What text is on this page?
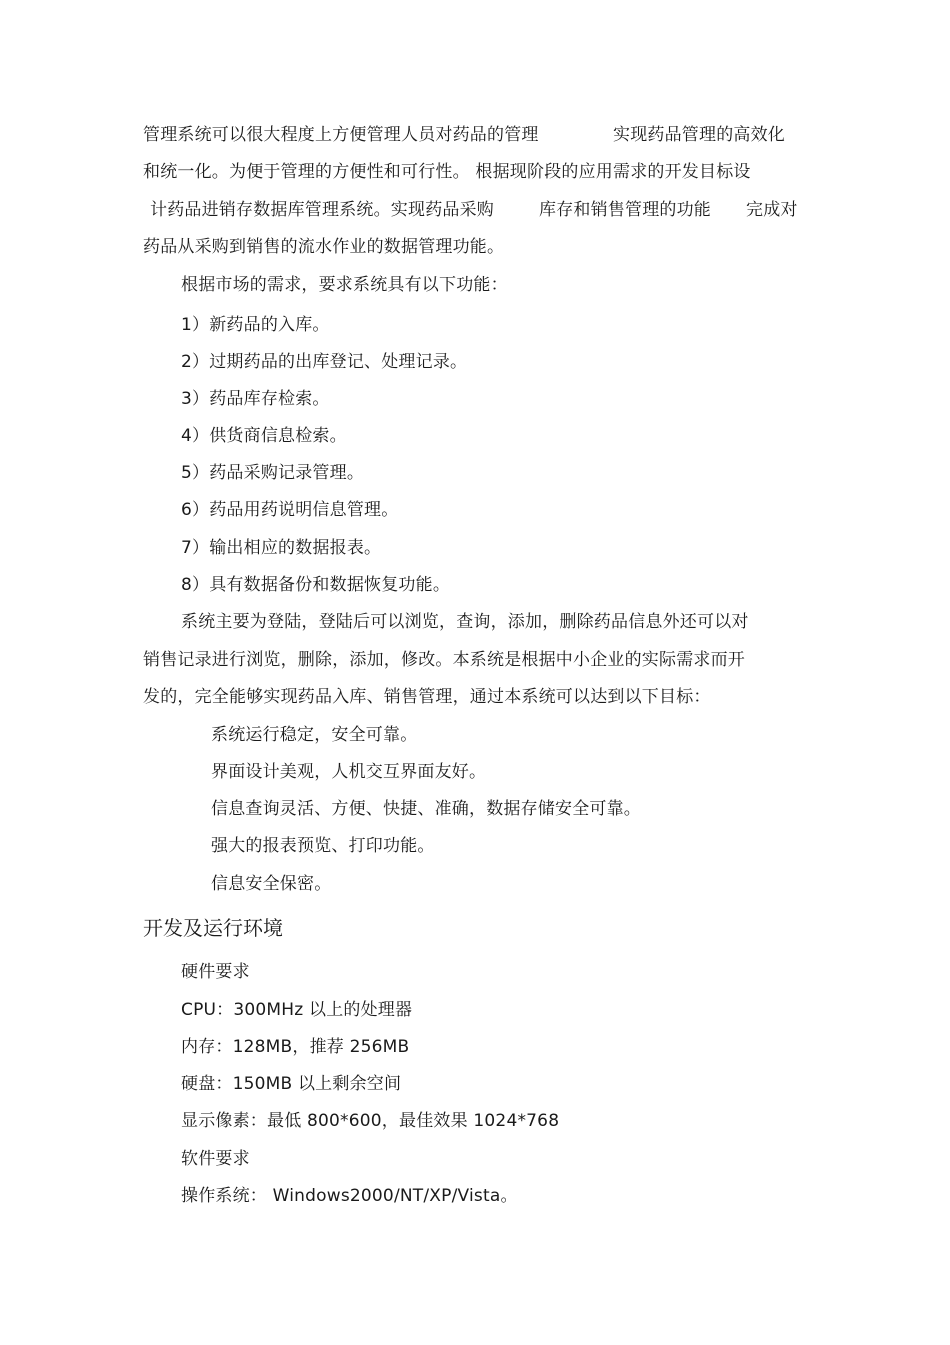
管理系统可以很大程度上方便管理人员对药品的管理	实现药品管理的高效化
和统一化。为便于管理的方便性和可行性。 根据现阶段的应用需求的开发目标设
计药品进销存数据库管理系统。实现药品采购	库存和销售管理的功能 完成对
药品从采购到销售的流水作业的数据管理功能。
根据市场的需求，要求系统具有以下功能：
1）新药品的入库。
2）过期药品的出库登记、处理记录。
3）药品库存检索。
4）供货商信息检索。
5）药品采购记录管理。
6）药品用药说明信息管理。
7）输出相应的数据报表。
8）具有数据备份和数据恢复功能。
系统主要为登陆，登陆后可以浏览，查询，添加，删除药品信息外还可以对
销售记录进行浏览，删除，添加，修改。本系统是根据中小企业的实际需求而开
发的，完全能够实现药品入库、销售管理，通过本系统可以达到以下目标：
系统运行稳定，安全可靠。
界面设计美观，人机交互界面友好。
信息查询灵活、方便、快捷、准确，数据存储安全可靠。
强大的报表预览、打印功能。
信息安全保密。
开发及运行环境
硬件要求
CPU：300MHz 以上的处理器
内存：128MB，推荐 256MB
硬盘：150MB 以上剩余空间
显示像素：最低 800*600，最佳效果 1024*768
软件要求
操作系统： Windows2000/NT/XP/Vista。
